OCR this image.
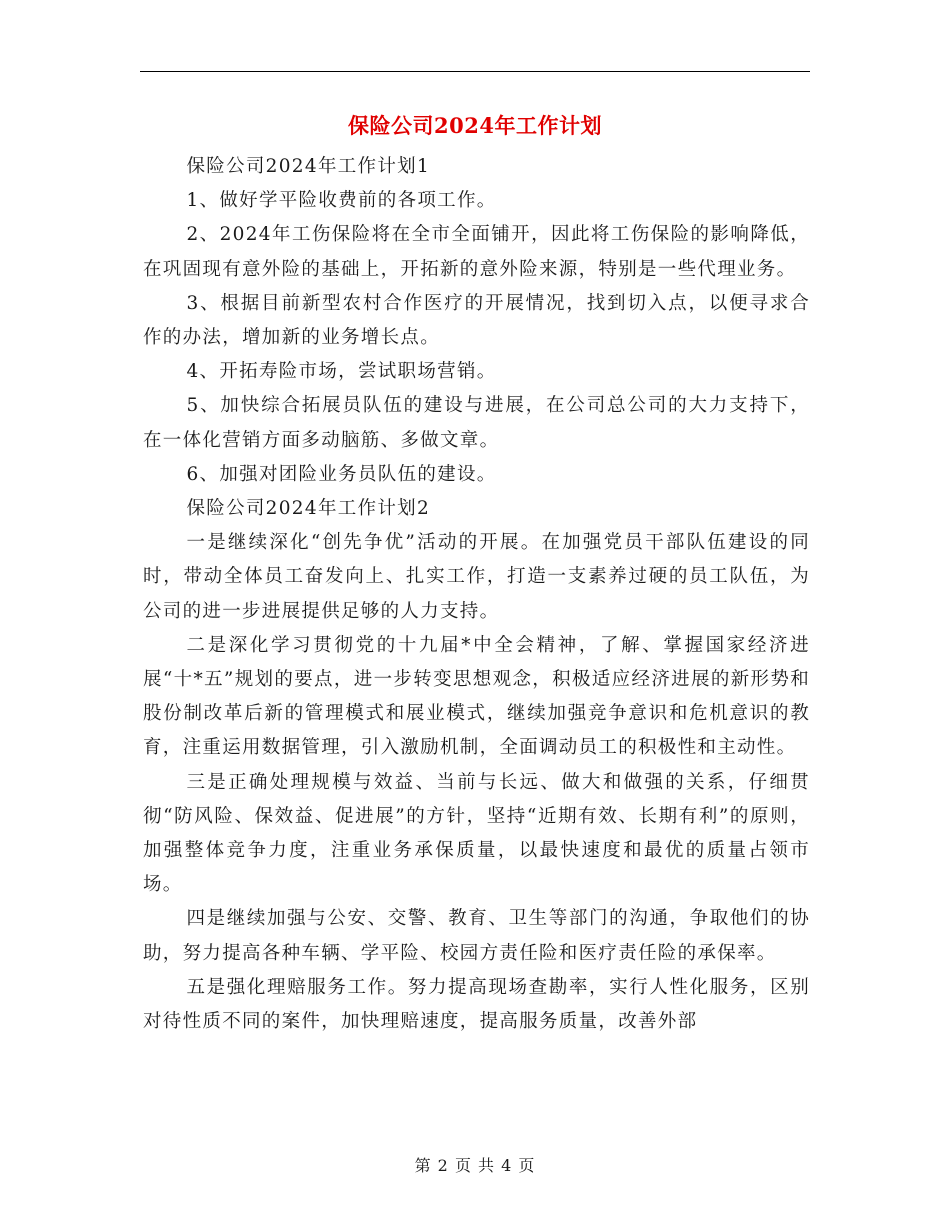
保险公司2024年工作计划

保险公司2024年工作计划1

1、做好学平险收费前的各项工作。

2、2024年工伤保险将在全市全面铺开，因此将工伤保险的影响降低，在巩固现有意外险的基础上，开拓新的意外险来源，特别是一些代理业务。

3、根据目前新型农村合作医疗的开展情况，找到切入点，以便寻求合作的办法，增加新的业务增长点。

4、开拓寿险市场，尝试职场营销。

5、加快综合拓展员队伍的建设与进展，在公司总公司的大力支持下，在一体化营销方面多动脑筋、多做文章。

6、加强对团险业务员队伍的建设。

保险公司2024年工作计划2

一是继续深化“创先争优”活动的开展。在加强党员干部队伍建设的同时，带动全体员工奋发向上、扎实工作，打造一支素养过硬的员工队伍，为公司的进一步进展提供足够的人力支持。

二是深化学习贯彻党的十九届*中全会精神，了解、掌握国家经济进展“十*五”规划的要点，进一步转变思想观念，积极适应经济进展的新形势和股份制改革后新的管理模式和展业模式，继续加强竞争意识和危机意识的教育，注重运用数据管理，引入激励机制，全面调动员工的积极性和主动性。

三是正确处理规模与效益、当前与长远、做大和做强的关系，仔细贯彻“防风险、保效益、促进展”的方针，坚持“近期有效、长期有利”的原则，加强整体竞争力度，注重业务承保质量，以最快速度和最优的质量占领市场。

四是继续加强与公安、交警、教育、卫生等部门的沟通，争取他们的协助，努力提高各种车辆、学平险、校园方责任险和医疗责任险的承保率。

五是强化理赔服务工作。努力提高现场查勘率，实行人性化服务，区别对待性质不同的案件，加快理赔速度，提高服务质量，改善外部

第 2 页 共 4 页
